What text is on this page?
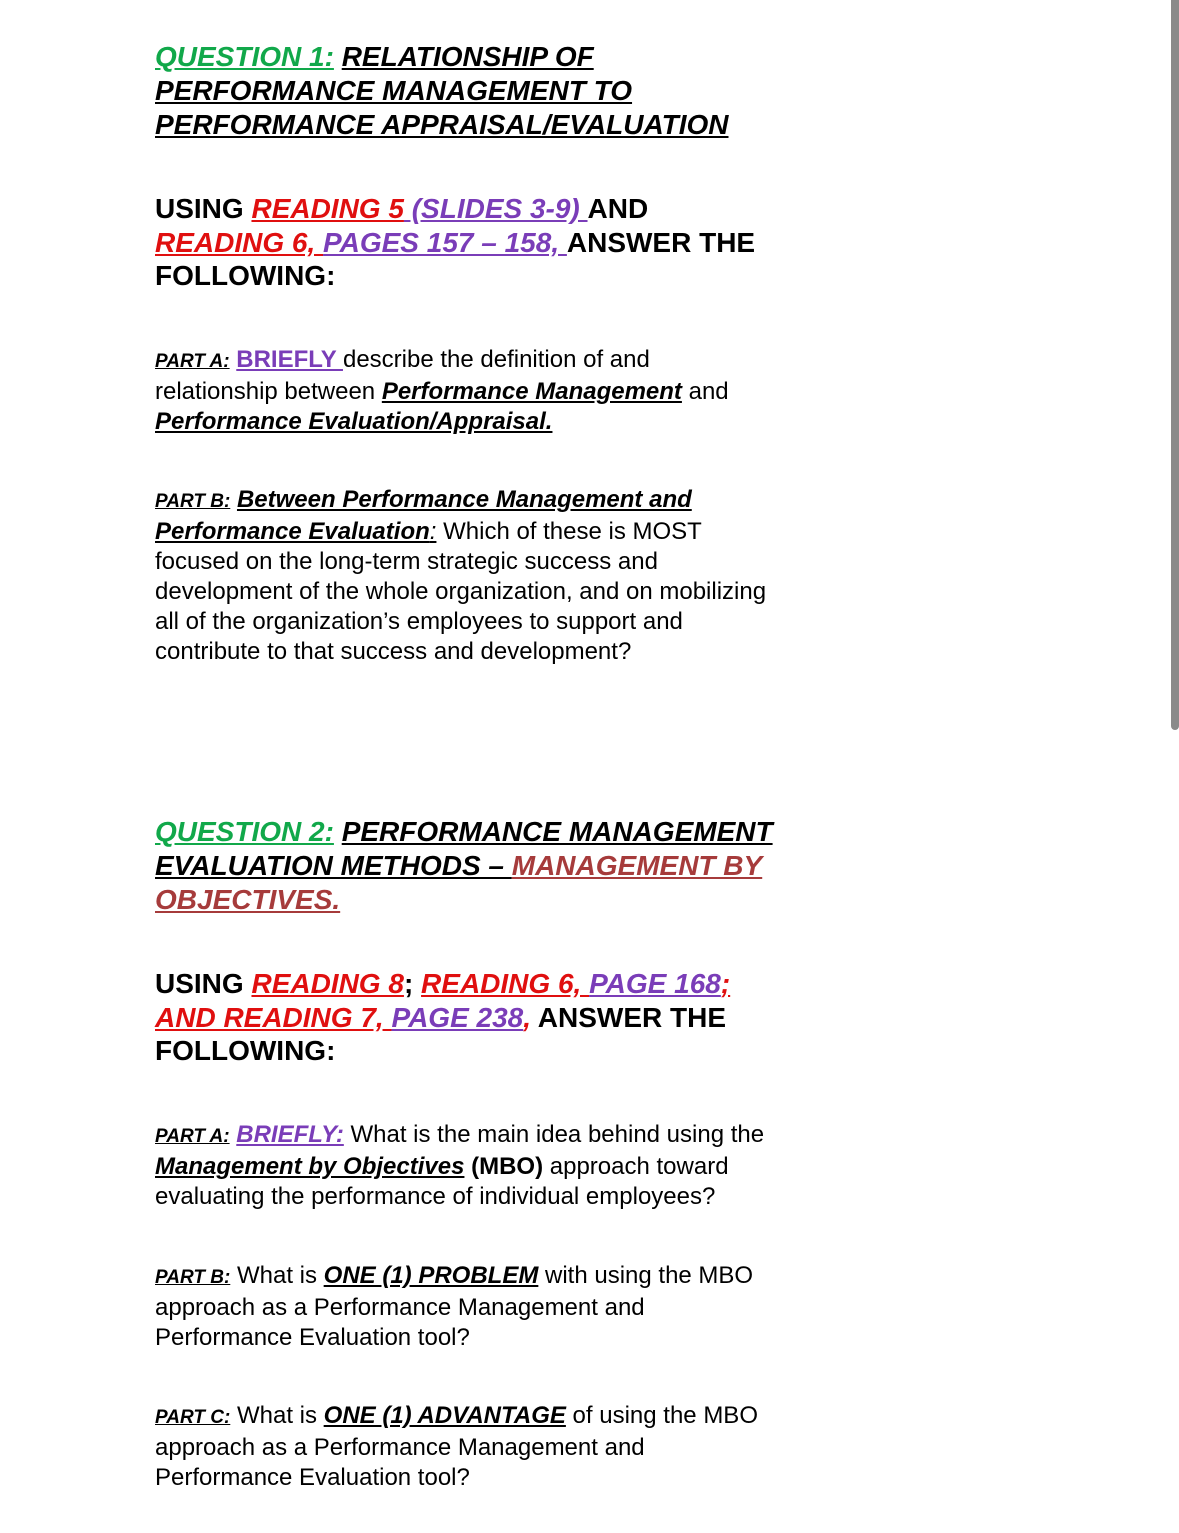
QUESTION 1: RELATIONSHIP OF
PERFORMANCE MANAGEMENT TO
PERFORMANCE APPRAISAL/EVALUATION
USING READING 5 (SLIDES 3-9) AND
READING 6, PAGES 157 – 158, ANSWER THE
FOLLOWING:
PART A: BRIEFLY describe the definition of and
relationship between Performance Management and
Performance Evaluation/Appraisal.
PART B: Between Performance Management and
Performance Evaluation: Which of these is MOST
focused on the long-term strategic success and
development of the whole organization, and on mobilizing
all of the organization’s employees to support and
contribute to that success and development?
QUESTION 2: PERFORMANCE MANAGEMENT
EVALUATION METHODS – MANAGEMENT BY
OBJECTIVES.
USING READING 8; READING 6, PAGE 168;
AND READING 7, PAGE 238, ANSWER THE
FOLLOWING:
PART A: BRIEFLY: What is the main idea behind using the
Management by Objectives (MBO) approach toward
evaluating the performance of individual employees?
PART B: What is ONE (1) PROBLEM with using the MBO
approach as a Performance Management and
Performance Evaluation tool?
PART C: What is ONE (1) ADVANTAGE of using the MBO
approach as a Performance Management and
Performance Evaluation tool?
